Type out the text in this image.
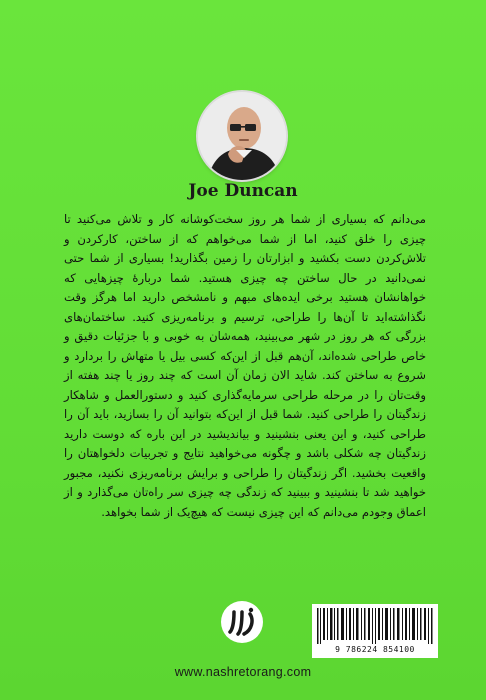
Joe Duncan
می‌دانم که بسیاری از شما هر روز سخت‌کوشانه کار و تلاش می‌کنید تا چیزی را خلق کنید، اما از شما می‌خواهم که از ساختن، کارکردن و تلاش‌کردن دست بکشید و ابزارتان را زمین بگذارید! بسیاری از شما حتی نمی‌دانید در حال ساختن چه چیزی هستید. شما دربارهٔ چیزهایی که خواهانشان هستید برخی ایده‌های مبهم و نامشخص دارید اما هرگز وقت نگذاشته‌اید تا آن‌ها را طراحی، ترسیم و برنامه‌ریزی کنید. ساختمان‌های بزرگی که هر روز در شهر می‌بینید، همه‌شان به خوبی و با جزئیات دقیق و خاص طراحی شده‌اند، آن‌هم قبل از این‌که کسی بیل یا متهاش را بردارد و شروع به ساختن کند. شاید الان زمان آن است که چند روز یا چند هفته از وقت‌تان را در مرحله طراحی سرمایه‌گذاری کنید و دستورالعمل و شاهکار زندگیتان را طراحی کنید. شما قبل از این‌که بتوانید آن را بسازید، باید آن را طراحی کنید، و این یعنی بنشینید و بیاندیشید در این باره که دوست دارید زندگیتان چه شکلی باشد و چگونه می‌خواهید نتایج و تجربیات دلخواهتان را واقعیت بخشید. اگر زندگیتان را طراحی و برایش برنامه‌ریزی نکنید، مجبور خواهید شد تا بنشینید و ببینید که زندگی چه چیزی سر راه‌تان می‌گذارد و از اعماق وجودم می‌دانم که این چیزی نیست که هیچ‌یک از شما بخواهد.
9 786224 854100
www.nashretorang.com
